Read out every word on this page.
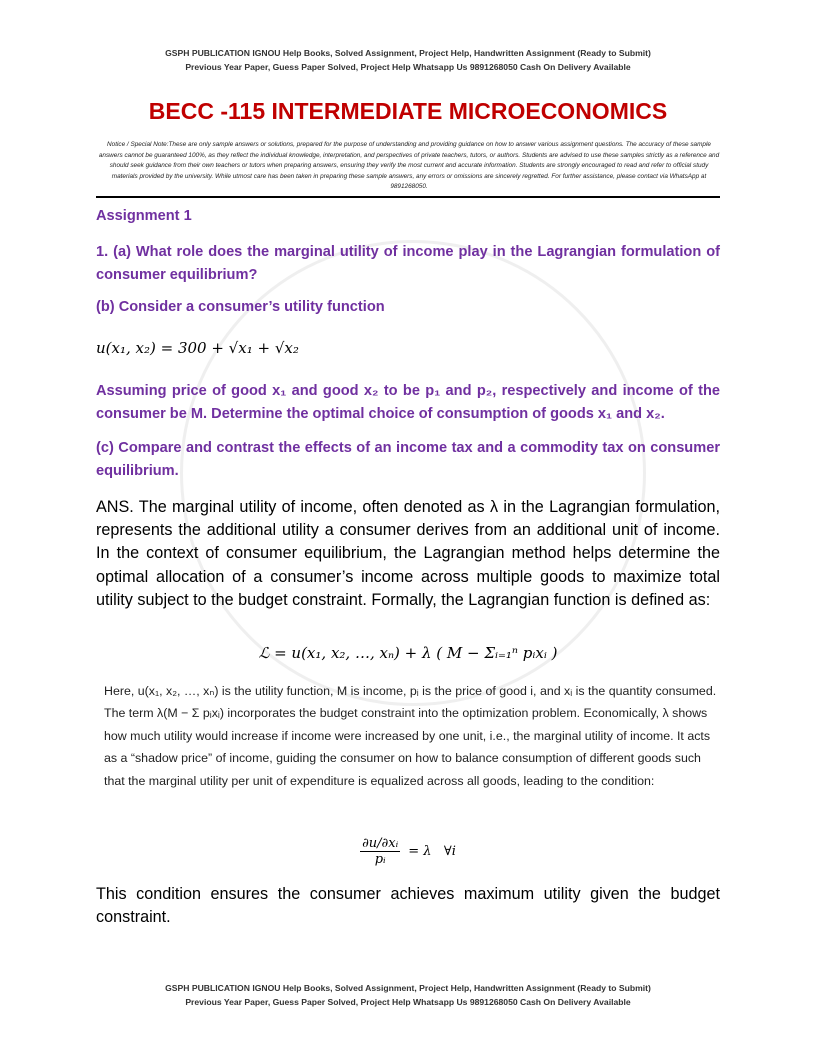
GSPH PUBLICATION IGNOU Help Books, Solved Assignment, Project Help, Handwritten Assignment (Ready to Submit)
Previous Year Paper, Guess Paper Solved, Project Help Whatsapp Us 9891268050 Cash On Delivery Available
BECC -115 INTERMEDIATE MICROECONOMICS
Notice / Special Note:These are only sample answers or solutions, prepared for the purpose of understanding and providing guidance on how to answer various assignment questions. The accuracy of these sample answers cannot be guaranteed 100%, as they reflect the individual knowledge, interpretation, and perspectives of private teachers, tutors, or authors. Students are advised to use these samples strictly as a reference and should seek guidance from their own teachers or tutors when preparing answers, ensuring they verify the most current and accurate information. Students are strongly encouraged to read and refer to official study materials provided by the university. While utmost care has been taken in preparing these sample answers, any errors or omissions are sincerely regretted. For further assistance, please contact via WhatsApp at 9891268050.
Assignment 1
1. (a) What role does the marginal utility of income play in the Lagrangian formulation of consumer equilibrium?
(b) Consider a consumer’s utility function
u(x₁, x₂) = 300 + √x₁ + √x₂
Assuming price of good x₁ and good x₂ to be p₁ and p₂, respectively and income of the consumer be M. Determine the optimal choice of consumption of goods x₁ and x₂.
(c) Compare and contrast the effects of an income tax and a commodity tax on consumer equilibrium.
ANS. The marginal utility of income, often denoted as λ in the Lagrangian formulation, represents the additional utility a consumer derives from an additional unit of income. In the context of consumer equilibrium, the Lagrangian method helps determine the optimal allocation of a consumer’s income across multiple goods to maximize total utility subject to the budget constraint. Formally, the Lagrangian function is defined as:
ℒ = u(x₁, x₂, …, xₙ) + λ ( M − Σᵢ₌₁ⁿ pᵢxᵢ )
Here, u(x₁, x₂, …, xₙ) is the utility function, M is income, pᵢ is the price of good i, and xᵢ is the quantity consumed. The term λ(M − Σ pᵢxᵢ) incorporates the budget constraint into the optimization problem. Economically, λ shows how much utility would increase if income were increased by one unit, i.e., the marginal utility of income. It acts as a “shadow price” of income, guiding the consumer on how to balance consumption of different goods such that the marginal utility per unit of expenditure is equalized across all goods, leading to the condition:
$\frac{\text{∂u/∂xᵢ}}{\text{pᵢ}} = \lambda$   ∀i
This condition ensures the consumer achieves maximum utility given the budget constraint.
GSPH PUBLICATION IGNOU Help Books, Solved Assignment, Project Help, Handwritten Assignment (Ready to Submit)
Previous Year Paper, Guess Paper Solved, Project Help Whatsapp Us 9891268050 Cash On Delivery Available
